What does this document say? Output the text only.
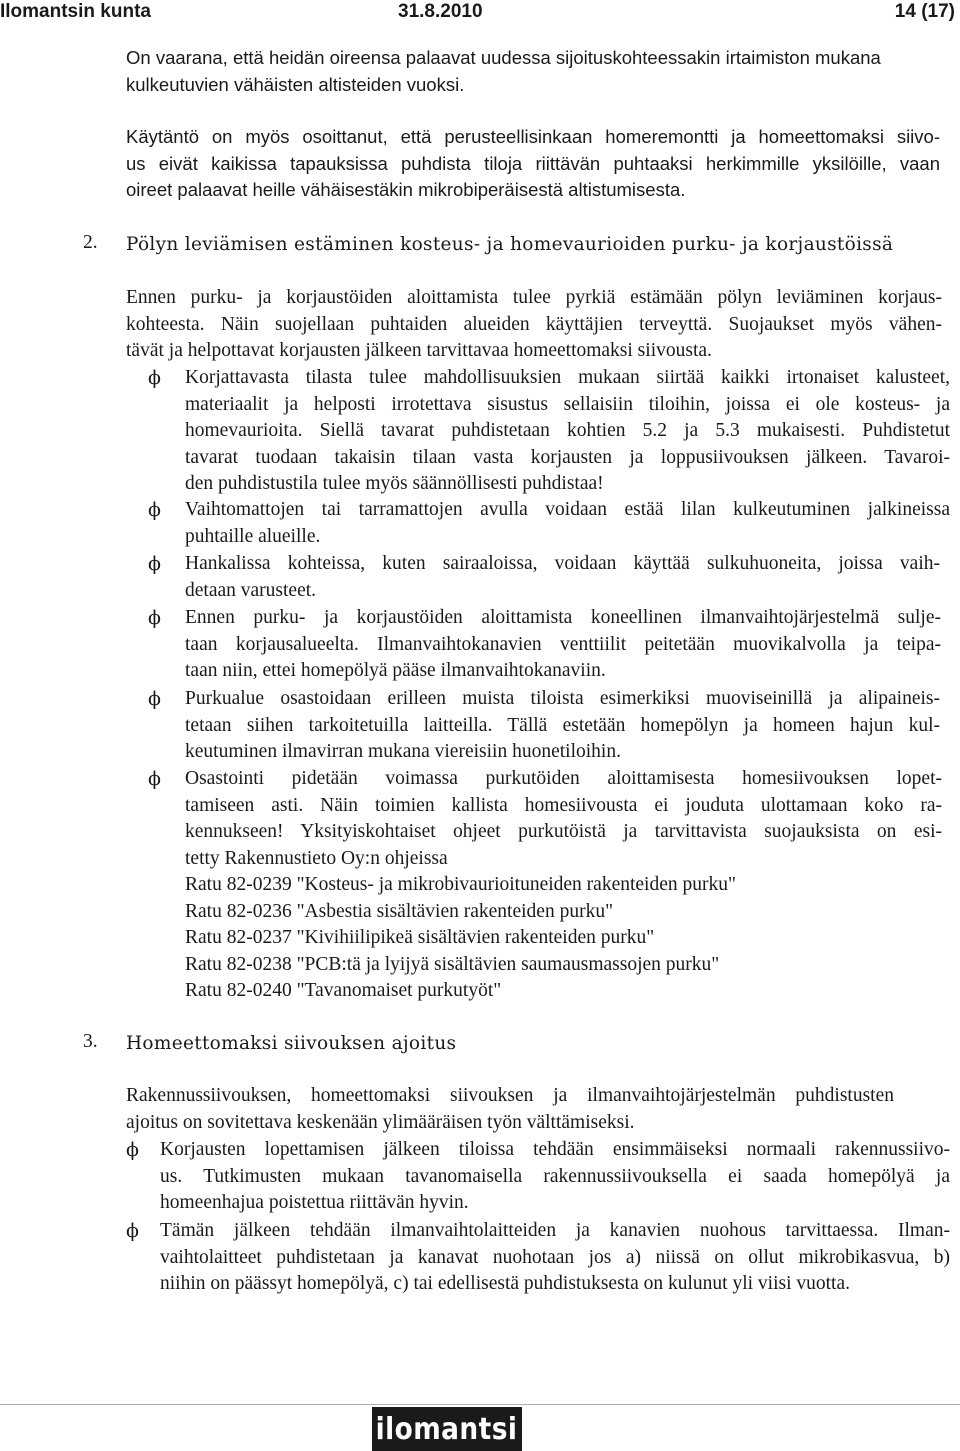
Ilomantsin kunta	31.8.2010	14 (17)
On vaarana, että heidän oireensa palaavat uudessa sijoituskohteessakin irtaimiston mukana
kulkeutuvien vähäisten altisteiden vuoksi.
Käytäntö on myös osoittanut, että perusteellisinkaan homeremontti ja homeettomaksi siivo-
us eivät kaikissa tapauksissa puhdista tiloja riittävän puhtaaksi herkimmille yksilöille, vaan
oireet palaavat heille vähäisestäkin mikrobiperäisestä altistumisesta.
2. Pölyn leviämisen estäminen kosteus- ja homevaurioiden purku- ja korjaustöissä
Ennen purku- ja korjaustöiden aloittamista tulee pyrkiä estämään pölyn leviäminen korjaus-
kohteesta. Näin suojellaan puhtaiden alueiden käyttäjien terveyttä. Suojaukset myös vähen-
tävät ja helpottavat korjausten jälkeen tarvittavaa homeettomaksi siivousta.
ϕ Korjattavasta tilasta tulee mahdollisuuksien mukaan siirtää kaikki irtonaiset kalusteet,
materiaalit ja helposti irrotettava sisustus sellaisiin tiloihin, joissa ei ole kosteus- ja
homevaurioita. Siellä tavarat puhdistetaan kohtien 5.2 ja 5.3 mukaisesti. Puhdistetut
tavarat tuodaan takaisin tilaan vasta korjausten ja loppusiivouksen jälkeen. Tavaroi-
den puhdistustila tulee myös säännöllisesti puhdistaa!
ϕ Vaihtomattojen tai tarramattojen avulla voidaan estää lilan kulkeutuminen jalkineissa
puhtaille alueille.
ϕ Hankalissa kohteissa, kuten sairaaloissa, voidaan käyttää sulkuhuoneita, joissa vaih-
detaan varusteet.
ϕ Ennen purku- ja korjaustöiden aloittamista koneellinen ilmanvaihtojärjestelmä sulje-
taan korjausalueelta. Ilmanvaihtokanavien venttiilit peitetään muovikalvolla ja teipa-
taan niin, ettei homepölyä pääse ilmanvaihtokanaviin.
ϕ Purkualue osastoidaan erilleen muista tiloista esimerkiksi muoviseinillä ja alipaineis-
tetaan siihen tarkoitetuilla laitteilla. Tällä estetään homepölyn ja homeen hajun kul-
keutuminen ilmavirran mukana viereisiin huonetiloihin.
ϕ Osastointi pidetään voimassa purkutöiden aloittamisesta homesiivouksen lopet-
tamiseen asti. Näin toimien kallista homesiivousta ei jouduta ulottamaan koko ra-
kennukseen! Yksityiskohtaiset ohjeet purkutöistä ja tarvittavista suojauksista on esi-
tetty Rakennustieto Oy:n ohjeissa
Ratu 82-0239 "Kosteus- ja mikrobivaurioituneiden rakenteiden purku"
Ratu 82-0236 "Asbestia sisältävien rakenteiden purku"
Ratu 82-0237 "Kivihiilipikeä sisältävien rakenteiden purku"
Ratu 82-0238 "PCB:tä ja lyijyä sisältävien saumausmassojen purku"
Ratu 82-0240 "Tavanomaiset purkutyöt"
3. Homeettomaksi siivouksen ajoitus
Rakennussiivouksen, homeettomaksi siivouksen ja ilmanvaihtojärjestelmän puhdistusten
ajoitus on sovitettava keskenään ylimääräisen työn välttämiseksi.
ϕ Korjausten lopettamisen jälkeen tiloissa tehdään ensimmäiseksi normaali rakennussiivo-
us. Tutkimusten mukaan tavanomaisella rakennussiivouksella ei saada homepölyä ja
homeenhajua poistettua riittävän hyvin.
ϕ Tämän jälkeen tehdään ilmanvaihtolaitteiden ja kanavien nuohous tarvittaessa. Ilman-
vaihtolaitteet puhdistetaan ja kanavat nuohotaan jos a) niissä on ollut mikrobikasvua, b)
niihin on päässyt homepölyä, c) tai edellisestä puhdistuksesta on kulunut yli viisi vuotta.
ilomantsi
